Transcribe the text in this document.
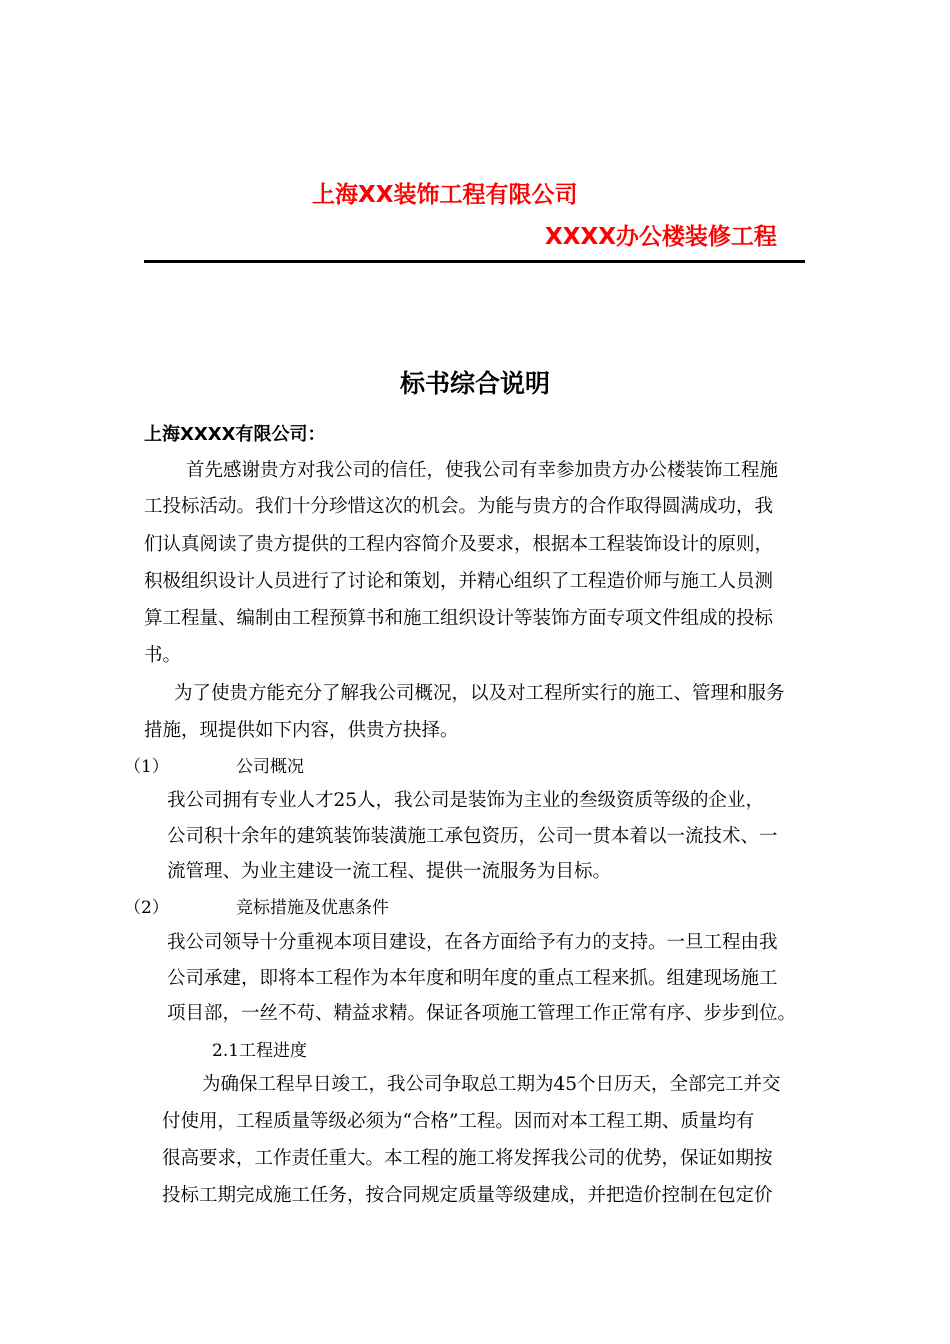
上海XX装饰工程有限公司
XXXX办公楼装修工程
标书综合说明
上海XXXX有限公司：
首先感谢贵方对我公司的信任，使我公司有幸参加贵方办公楼装饰工程施
工投标活动。我们十分珍惜这次的机会。为能与贵方的合作取得圆满成功，我
们认真阅读了贵方提供的工程内容简介及要求，根据本工程装饰设计的原则，
积极组织设计人员进行了讨论和策划，并精心组织了工程造价师与施工人员测
算工程量、编制由工程预算书和施工组织设计等装饰方面专项文件组成的投标
书。
为了使贵方能充分了解我公司概况，以及对工程所实行的施工、管理和服务
措施，现提供如下内容，供贵方抉择。
（1）	公司概况
我公司拥有专业人才25人，我公司是装饰为主业的叁级资质等级的企业，
公司积十余年的建筑装饰装潢施工承包资历，公司一贯本着以一流技术、一
流管理、为业主建设一流工程、提供一流服务为目标。
（2）	竞标措施及优惠条件
我公司领导十分重视本项目建设，在各方面给予有力的支持。一旦工程由我
公司承建，即将本工程作为本年度和明年度的重点工程来抓。组建现场施工
项目部，一丝不苟、精益求精。保证各项施工管理工作正常有序、步步到位。
2.1工程进度
为确保工程早日竣工，我公司争取总工期为45个日历天，全部完工并交
付使用，工程质量等级必须为“合格”工程。因而对本工程工期、质量均有
很高要求，工作责任重大。本工程的施工将发挥我公司的优势，保证如期按
投标工期完成施工任务，按合同规定质量等级建成，并把造价控制在包定价
